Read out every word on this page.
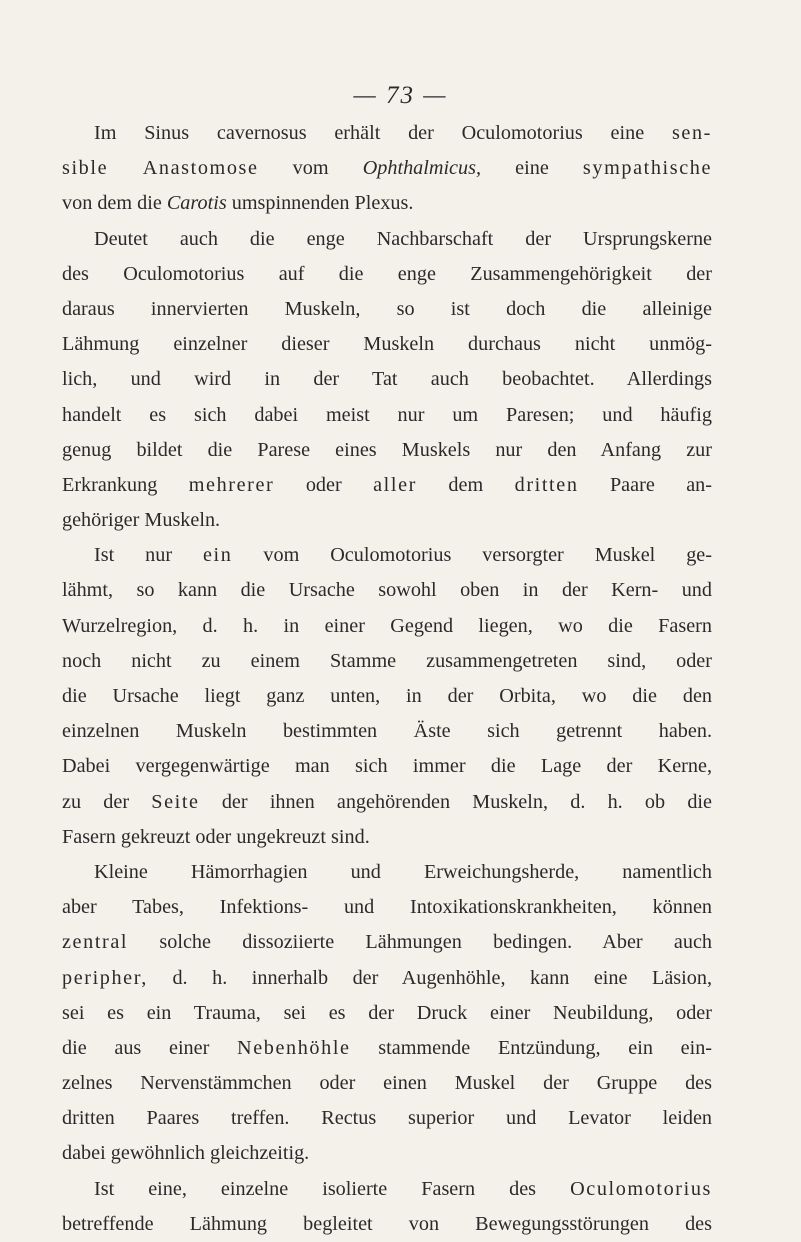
— 73 —
Im Sinus cavernosus erhält der Oculomotorius eine sen-
sible Anastomose vom Ophthalmicus, eine sympathische
von dem die Carotis umspinnenden Plexus.
Deutet auch die enge Nachbarschaft der Ursprungskerne
des Oculomotorius auf die enge Zusammengehörigkeit der
daraus innervierten Muskeln, so ist doch die alleinige
Lähmung einzelner dieser Muskeln durchaus nicht unmög-
lich, und wird in der Tat auch beobachtet. Allerdings
handelt es sich dabei meist nur um Paresen; und häufig
genug bildet die Parese eines Muskels nur den Anfang zur
Erkrankung mehrerer oder aller dem dritten Paare an-
gehöriger Muskeln.
Ist nur ein vom Oculomotorius versorgter Muskel ge-
lähmt, so kann die Ursache sowohl oben in der Kern- und
Wurzelregion, d. h. in einer Gegend liegen, wo die Fasern
noch nicht zu einem Stamme zusammengetreten sind, oder
die Ursache liegt ganz unten, in der Orbita, wo die den
einzelnen Muskeln bestimmten Äste sich getrennt haben.
Dabei vergegenwärtige man sich immer die Lage der Kerne,
zu der Seite der ihnen angehörenden Muskeln, d. h. ob die
Fasern gekreuzt oder ungekreuzt sind.
Kleine Hämorrhagien und Erweichungsherde, namentlich
aber Tabes, Infektions- und Intoxikationskrankheiten, können
zentral solche dissoziierte Lähmungen bedingen. Aber auch
peripher, d. h. innerhalb der Augenhöhle, kann eine Läsion,
sei es ein Trauma, sei es der Druck einer Neubildung, oder
die aus einer Nebenhöhle stammende Entzündung, ein ein-
zelnes Nervenstämmchen oder einen Muskel der Gruppe des
dritten Paares treffen. Rectus superior und Levator leiden
dabei gewöhnlich gleichzeitig.
Ist eine, einzelne isolierte Fasern des Oculomotorius
betreffende Lähmung begleitet von Bewegungsstörungen des
